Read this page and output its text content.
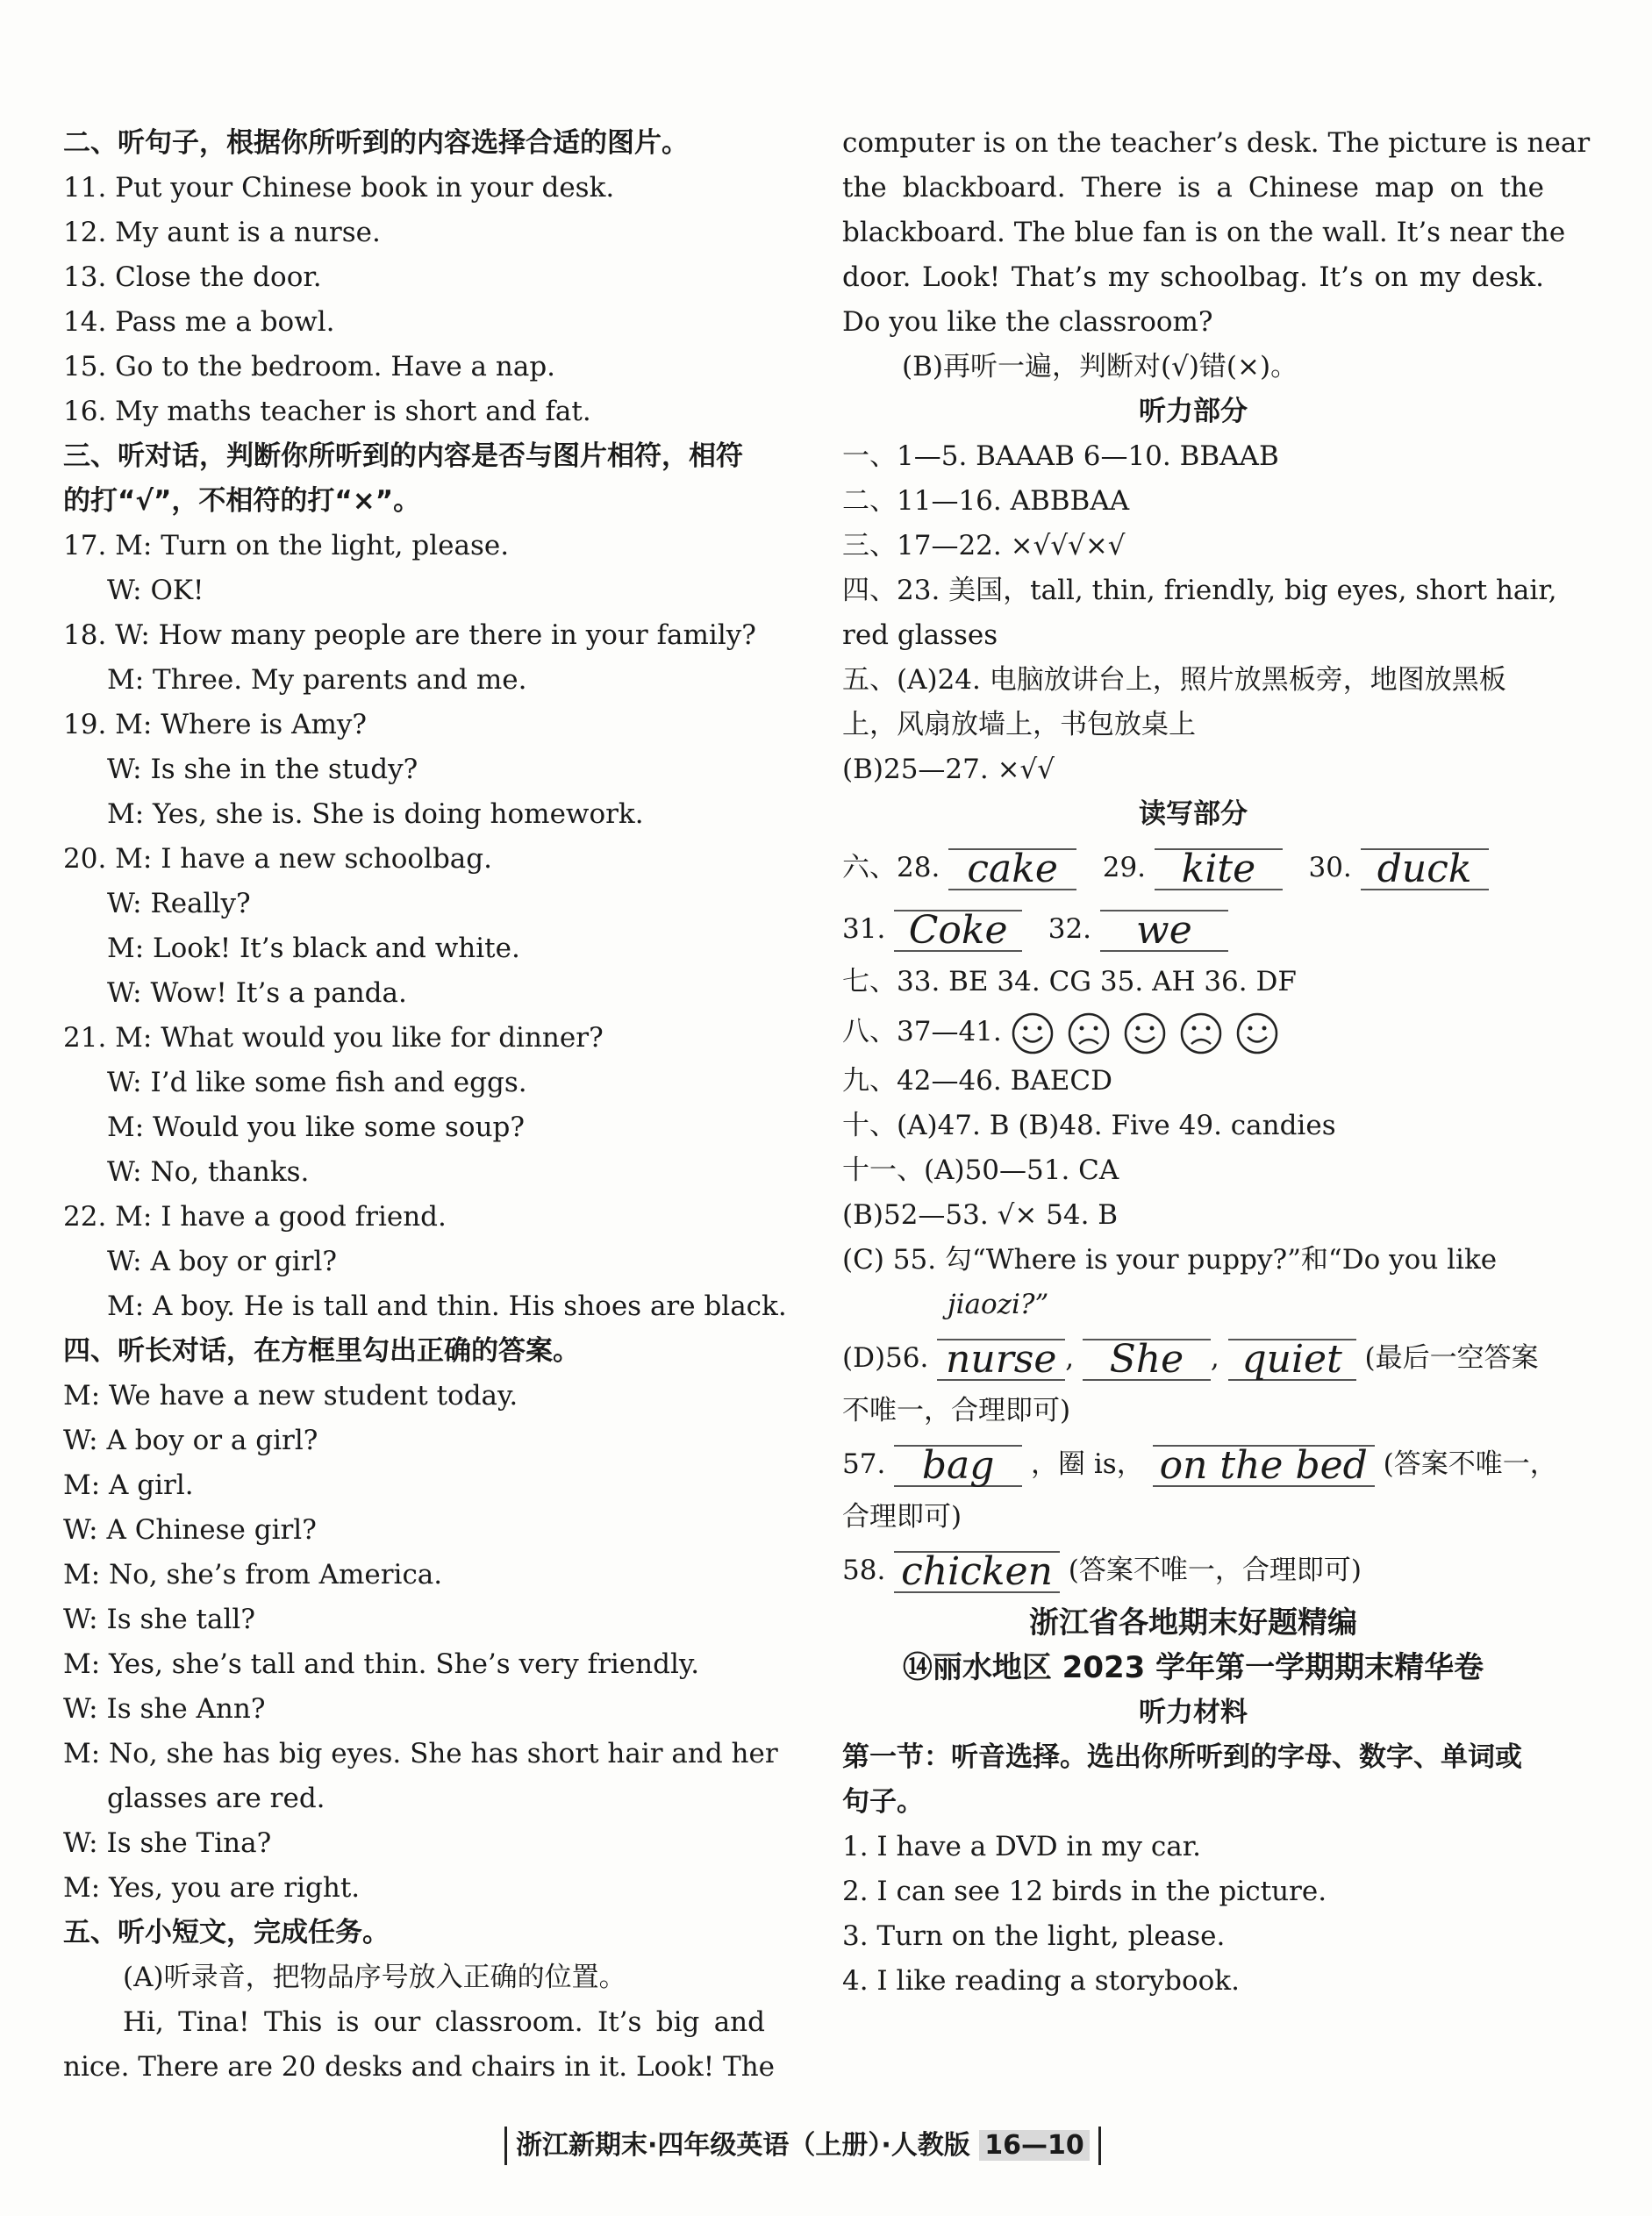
二、听句子，根据你所听到的内容选择合适的图片。
11. Put your Chinese book in your desk.
12. My aunt is a nurse.
13. Close the door.
14. Pass me a bowl.
15. Go to the bedroom. Have a nap.
16. My maths teacher is short and fat.
三、听对话，判断你所听到的内容是否与图片相符，相符
的打“√”，不相符的打“×”。
17. M: Turn on the light, please.
W: OK!
18. W: How many people are there in your family?
M: Three. My parents and me.
19. M: Where is Amy?
W: Is she in the study?
M: Yes, she is. She is doing homework.
20. M: I have a new schoolbag.
W: Really?
M: Look! It’s black and white.
W: Wow! It’s a panda.
21. M: What would you like for dinner?
W: I’d like some fish and eggs.
M: Would you like some soup?
W: No, thanks.
22. M: I have a good friend.
W: A boy or girl?
M: A boy. He is tall and thin. His shoes are black.
四、听长对话，在方框里勾出正确的答案。
M: We have a new student today.
W: A boy or a girl?
M: A girl.
W: A Chinese girl?
M: No, she’s from America.
W: Is she tall?
M: Yes, she’s tall and thin. She’s very friendly.
W: Is she Ann?
M: No, she has big eyes. She has short hair and her
glasses are red.
W: Is she Tina?
M: Yes, you are right.
五、听小短文，完成任务。
(A)听录音，把物品序号放入正确的位置。
Hi, Tina! This is our classroom. It’s big and
nice. There are 20 desks and chairs in it. Look! The
computer is on the teacher’s desk. The picture is near
the blackboard. There is a Chinese map on the
blackboard. The blue fan is on the wall. It’s near the
door. Look! That’s my schoolbag. It’s on my desk.
Do you like the classroom?
(B)再听一遍，判断对(√)错(×)。
听力部分
一、1—5. BAAAB 6—10. BBAAB
二、11—16. ABBBAA
三、17—22. ×√√√×√
四、23. 美国，tall, thin, friendly, big eyes, short hair,
red glasses
五、(A)24. 电脑放讲台上，照片放黑板旁，地图放黑板
上，风扇放墙上，书包放桌上
(B)25—27. ×√√
读写部分
六、28. cake 29. kite 30. duck
31. Coke 32. we
七、33. BE 34. CG 35. AH 36. DF
八、37—41.
九、42—46. BAECD
十、(A)47. B (B)48. Five 49. candies
十一、(A)50—51. CA
(B)52—53. √× 54. B
(C) 55. 勾“Where is your puppy?”和“Do you like
jiaozi?”
(D)56. nurse , She , quiet (最后一空答案
不唯一，合理即可)
57. bag ，圈 is， on the bed (答案不唯一，
合理即可)
58. chicken (答案不唯一，合理即可)
浙江省各地期末好题精编
⑭丽水地区 2023 学年第一学期期末精华卷
听力材料
第一节：听音选择。选出你所听到的字母、数字、单词或
句子。
1. I have a DVD in my car.
2. I can see 12 birds in the picture.
3. Turn on the light, please.
4. I like reading a storybook.
浙江新期末·四年级英语（上册）·人教版 16—10
